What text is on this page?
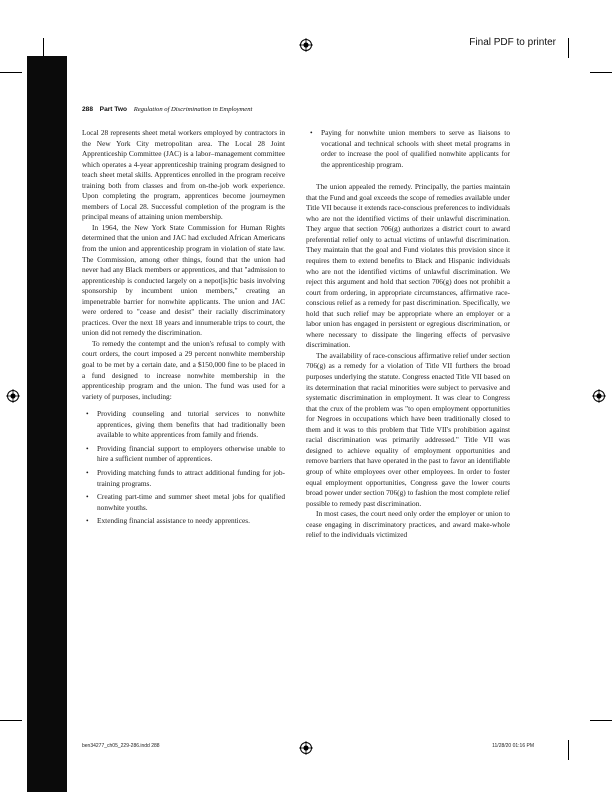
Final PDF to printer
288 Part Two Regulation of Discrimination in Employment

Local 28 represents sheet metal workers employed by contractors in the New York City metropolitan area. The Local 28 Joint Apprenticeship Committee (JAC) is a labor–management committee which operates a 4-year apprenticeship training program designed to teach sheet metal skills. Apprentices enrolled in the program receive training both from classes and from on-the-job work experience. Upon completing the program, apprentices become journeymen members of Local 28. Successful completion of the program is the principal means of attaining union membership.

In 1964, the New York State Commission for Human Rights determined that the union and JAC had excluded African Americans from the union and apprenticeship program in violation of state law. The Commission, among other things, found that the union had never had any Black members or apprentices, and that "admission to apprenticeship is conducted largely on a nepot[is]tic basis involving sponsorship by incumbent union members," creating an impenetrable barrier for nonwhite applicants. The union and JAC were ordered to "cease and desist" their racially discriminatory practices. Over the next 18 years and innumerable trips to court, the union did not remedy the discrimination.

To remedy the contempt and the union's refusal to comply with court orders, the court imposed a 29 percent nonwhite membership goal to be met by a certain date, and a $150,000 fine to be placed in a fund designed to increase nonwhite membership in the apprenticeship program and the union. The fund was used for a variety of purposes, including:

• Providing counseling and tutorial services to nonwhite apprentices, giving them benefits that had traditionally been available to white apprentices from family and friends.
• Providing financial support to employers otherwise unable to hire a sufficient number of apprentices.
• Providing matching funds to attract additional funding for job-training programs.
• Creating part-time and summer sheet metal jobs for qualified nonwhite youths.
• Extending financial assistance to needy apprentices.
• Paying for nonwhite union members to serve as liaisons to vocational and technical schools with sheet metal programs in order to increase the pool of qualified nonwhite applicants for the apprenticeship program.

The union appealed the remedy. Principally, the parties maintain that the Fund and goal exceeds the scope of remedies available under Title VII because it extends race-conscious preferences to individuals who are not the identified victims of their unlawful discrimination. They argue that section 706(g) authorizes a district court to award preferential relief only to actual victims of unlawful discrimination. They maintain that the goal and Fund violates this provision since it requires them to extend benefits to Black and Hispanic individuals who are not the identified victims of unlawful discrimination. We reject this argument and hold that section 706(g) does not prohibit a court from ordering, in appropriate circumstances, affirmative race-conscious relief as a remedy for past discrimination. Specifically, we hold that such relief may be appropriate where an employer or a labor union has engaged in persistent or egregious discrimination, or where necessary to dissipate the lingering effects of pervasive discrimination.

The availability of race-conscious affirmative relief under section 706(g) as a remedy for a violation of Title VII furthers the broad purposes underlying the statute. Congress enacted Title VII based on its determination that racial minorities were subject to pervasive and systematic discrimination in employment. It was clear to Congress that the crux of the problem was "to open employment opportunities for Negroes in occupations which have been traditionally closed to them and it was to this problem that Title VII's prohibition against racial discrimination was primarily addressed." Title VII was designed to achieve equality of employment opportunities and remove barriers that have operated in the past to favor an identifiable group of white employees over other employees. In order to foster equal employment opportunities, Congress gave the lower courts broad power under section 706(g) to fashion the most complete relief possible to remedy past discrimination.

In most cases, the court need only order the employer or union to cease engaging in discriminatory practices, and award make-whole relief to the individuals victimized

ben34277_ch05_229-286.indd 288	11/28/20 01:16 PM
